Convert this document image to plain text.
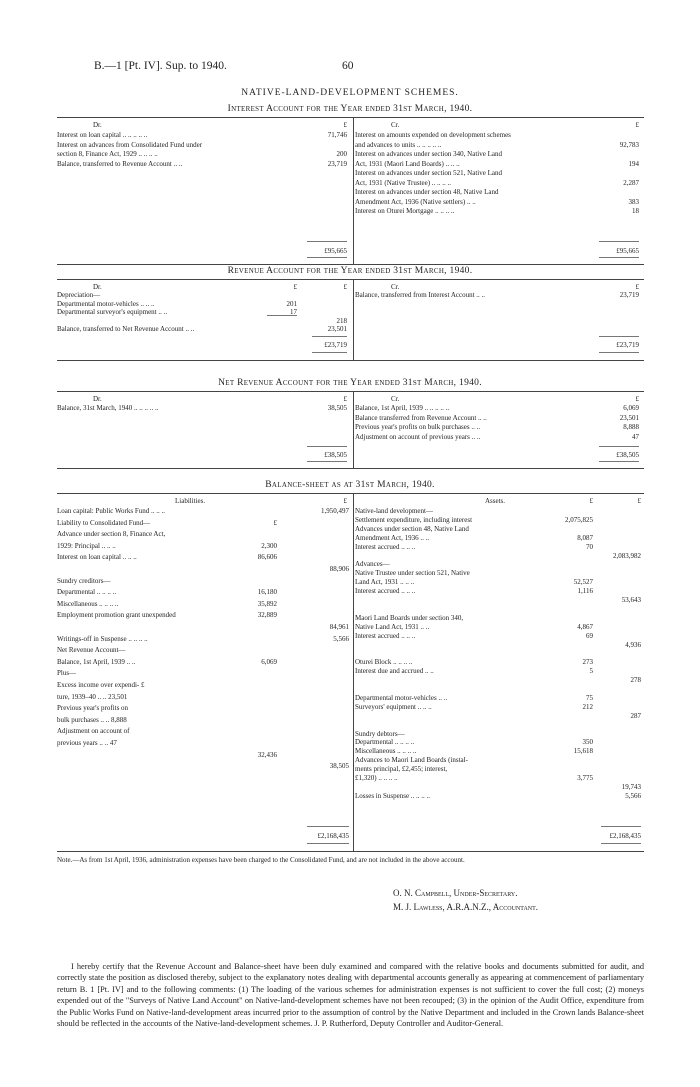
B.—1 [Pt. IV]. Sup. to 1940.	60
NATIVE-LAND-DEVELOPMENT SCHEMES.
Interest Account for the Year ended 31st March, 1940.
Dr.	£
Interest on loan capital .. .. .. .. ..	71,746
Interest on advances from Consolidated Fund under
section 8, Finance Act, 1929 .. .. .. ..	200
Balance, transferred to Revenue Account .. ..	23,719
£95,665
Cr.	£
Interest on amounts expended on development schemes
and advances to units .. .. .. .. ..	92,783
Interest on advances under section 340, Native Land
Act, 1931 (Maori Land Boards) .. .. ..	194
Interest on advances under section 521, Native Land
Act, 1931 (Native Trustee) .. .. .. ..	2,287
Interest on advances under section 48, Native Land
Amendment Act, 1936 (Native settlers) .. ..	383
Interest on Oturei Mortgage .. .. .. ..	18
£95,665
Revenue Account for the Year ended 31st March, 1940.
Dr.	£	£
Depreciation—
Departmental motor-vehicles .. .. ..	201
Departmental surveyor's equipment .. ..	17
218
Balance, transferred to Net Revenue Account .. ..	23,501
£23,719
Cr.	£
Balance, transferred from Interest Account .. ..	23,719
£23,719
Net Revenue Account for the Year ended 31st March, 1940.
Dr.	£
Balance, 31st March, 1940 .. .. .. .. ..	38,505
£38,505
Cr.	£
Balance, 1st April, 1939 .. .. .. .. ..	6,069
Balance transferred from Revenue Account .. ..	23,501
Previous year's profits on bulk purchases .. ..	8,888
Adjustment on account of previous years .. ..	47
£38,505
Balance-sheet as at 31st March, 1940.
Liabilities.	£
Loan capital: Public Works Fund .. .. ..	1,950,497
Liability to Consolidated Fund—	£
Advance under section 8, Finance Act,
1929: Principal .. .. ..	2,300
Interest on loan capital .. .. ..	86,606
88,906
Sundry creditors—
Departmental .. .. .. ..	16,180
Miscellaneous .. .. .. ..	35,892
Employment promotion grant unexpended	32,889
84,961
Writings-off in Suspense .. .. .. ..	5,566
Net Revenue Account—
Balance, 1st April, 1939 .. ..	6,069
Plus—
Excess income over expendi- £
ture, 1939–40 .. .. 23,501
Previous year's profits on
bulk purchases .. .. 8,888
Adjustment on account of
previous years .. .. 47
32,436
38,505
£2,168,435
Assets.	£	£
Native-land development—
Settlement expenditure, including interest	2,075,825
Advances under section 48, Native Land
Amendment Act, 1936 .. ..	8,087
Interest accrued .. .. ..	70
2,083,982
Advances—
Native Trustee under section 521, Native
Land Act, 1931 .. .. ..	52,527
Interest accrued .. .. ..	1,116
53,643
Maori Land Boards under section 340,
Native Land Act, 1931 .. ..	4,867
Interest accrued .. .. ..	69
4,936
Oturei Block .. .. .. ..	273
Interest due and accrued .. ..	5
278
Departmental motor-vehicles .. ..	75
Surveyors' equipment .. .. ..	212
287
Sundry debtors—
Departmental .. .. .. ..	350
Miscellaneous .. .. .. ..	15,618
Advances to Maori Land Boards (instal-
ments principal, £2,455; interest,
£1,320) .. .. .. ..	3,775
19,743
Losses in Suspense .. .. .. ..	5,566
£2,168,435
Note.—As from 1st April, 1936, administration expenses have been charged to the Consolidated Fund, and are not included in the above account.
O. N. Campbell, Under-Secretary.
M. J. Lawless, A.R.A.N.Z., Accountant.
I hereby certify that the Revenue Account and Balance-sheet have been duly examined and compared with the relative books and documents submitted for audit, and correctly state the position as disclosed thereby, subject to the explanatory notes dealing with departmental accounts generally as appearing at commencement of parliamentary return B. 1 [Pt. IV] and to the following comments: (1) The loading of the various schemes for administration expenses is not sufficient to cover the full cost; (2) moneys expended out of the "Surveys of Native Land Account" on Native-land-development schemes have not been recouped; (3) in the opinion of the Audit Office, expenditure from the Public Works Fund on Native-land-development areas incurred prior to the assumption of control by the Native Department and included in the Crown lands Balance-sheet should be reflected in the accounts of the Native-land-development schemes. J. P. Rutherford, Deputy Controller and Auditor-General.
